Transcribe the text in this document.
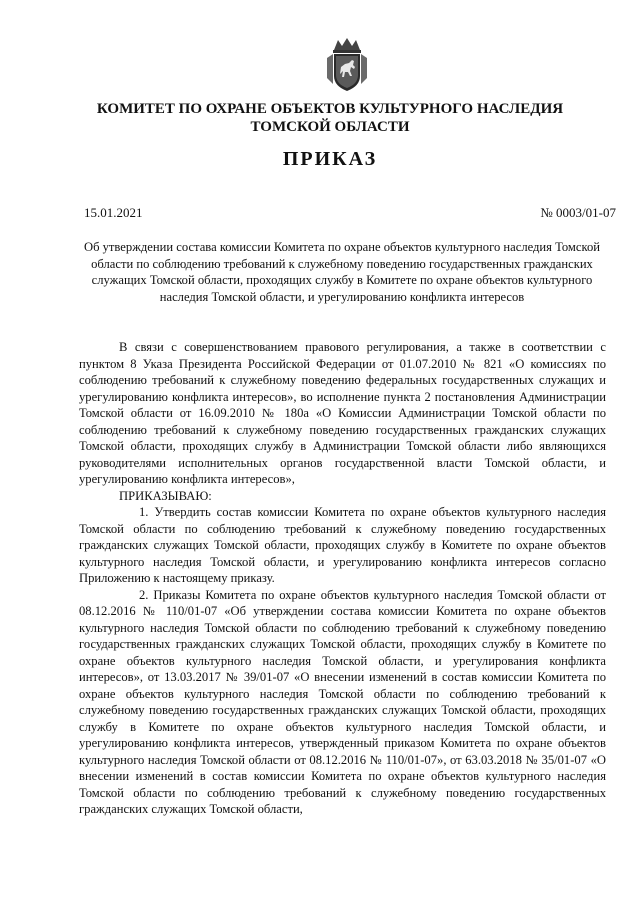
КОМИТЕТ ПО ОХРАНЕ ОБЪЕКТОВ КУЛЬТУРНОГО НАСЛЕДИЯ

ТОМСКОЙ ОБЛАСТИ

ПРИКАЗ

15.01.2021	№ 0003/01-07
Об утверждении состава комиссии Комитета по охране объектов культурного наследия Томской области по соблюдению требований к служебному поведению государственных гражданских служащих Томской области, проходящих службу в Комитете по охране объектов культурного наследия Томской области, и урегулированию конфликта интересов

В связи с совершенствованием правового регулирования, а также в соответствии с пунктом 8 Указа Президента Российской Федерации от 01.07.2010 № 821 «О комиссиях по соблюдению требований к служебному поведению федеральных государственных служащих и урегулированию конфликта интересов», во исполнение пункта 2 постановления Администрации Томской области от 16.09.2010 № 180а «О Комиссии Администрации Томской области по соблюдению требований к служебному поведению государственных гражданских служащих Томской области, проходящих службу в Администрации Томской области либо являющихся руководителями исполнительных органов государственной власти Томской области, и урегулированию конфликта интересов»,

ПРИКАЗЫВАЮ:

1. Утвердить состав комиссии Комитета по охране объектов культурного наследия Томской области по соблюдению требований к служебному поведению государственных гражданских служащих Томской области, проходящих службу в Комитете по охране объектов культурного наследия Томской области, и урегулированию конфликта интересов согласно Приложению к настоящему приказу.

2. Приказы Комитета по охране объектов культурного наследия Томской области от 08.12.2016 № 110/01-07 «Об утверждении состава комиссии Комитета по охране объектов культурного наследия Томской области по соблюдению требований к служебному поведению государственных гражданских служащих Томской области, проходящих службу в Комитете по охране объектов культурного наследия Томской области, и урегулирования конфликта интересов», от 13.03.2017 № 39/01-07 «О внесении изменений в состав комиссии Комитета по охране объектов культурного наследия Томской области по соблюдению требований к служебному поведению государственных гражданских служащих Томской области, проходящих службу в Комитете по охране объектов культурного наследия Томской области, и урегулированию конфликта интересов, утвержденный приказом Комитета по охране объектов культурного наследия Томской области от 08.12.2016 № 110/01-07», от 63.03.2018 № 35/01-07 «О внесении изменений в состав комиссии Комитета по охране объектов культурного наследия Томской области по соблюдению требований к служебному поведению государственных гражданских служащих Томской области,
